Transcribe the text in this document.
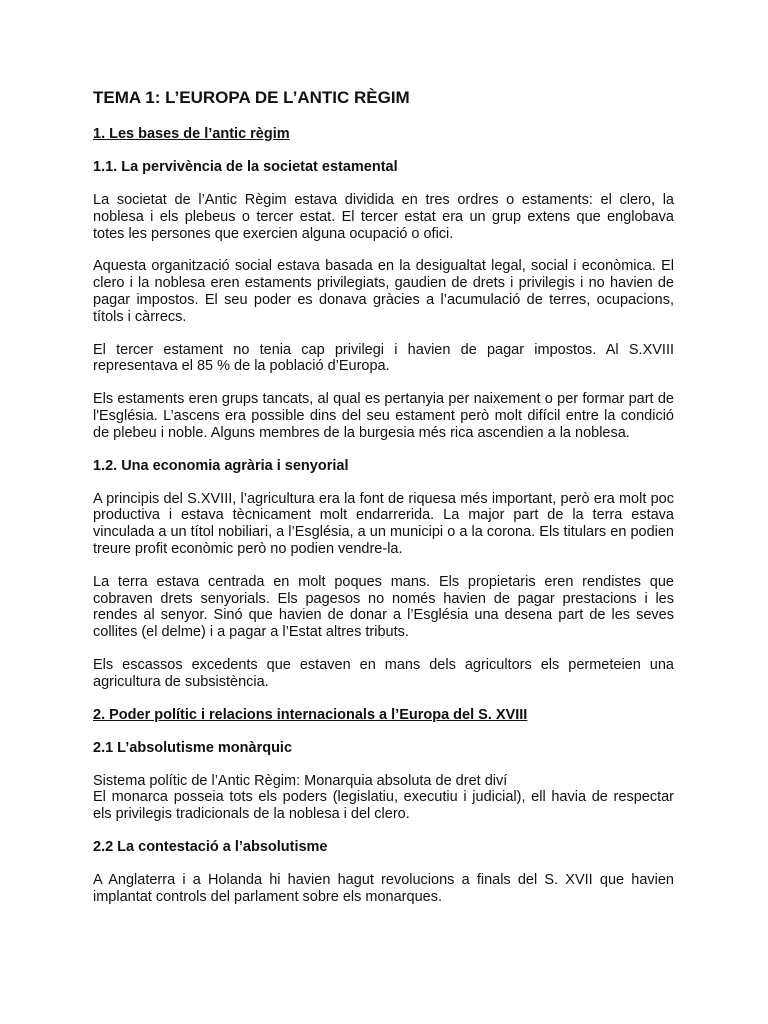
TEMA 1: L’EUROPA DE L’ANTIC RÈGIM
1. Les bases de l’antic règim
1.1. La pervivència de la societat estamental
La societat de l’Antic Règim estava dividida en tres ordres o estaments: el clero, la noblesa i els plebeus o tercer estat. El tercer estat era un grup extens que englobava totes les persones que exercien alguna ocupació o ofici.
Aquesta organització social estava basada en la desigualtat legal, social i econòmica. El clero i la noblesa eren estaments privilegiats, gaudien de drets i privilegis i no havien de pagar impostos. El seu poder es donava gràcies a l’acumulació de terres, ocupacions, títols i càrrecs.
El tercer estament no tenia cap privilegi i havien de pagar impostos. Al S.XVIII representava el 85 % de la població d’Europa.
Els estaments eren grups tancats, al qual es pertanyia per naixement o per formar part de l'Església. L’ascens era possible dins del seu estament però molt difícil entre la condició de plebeu i noble. Alguns membres de la burgesia més rica ascendien a la noblesa.
1.2. Una economia agrària i senyorial
A principis del S.XVIII, l’agricultura era la font de riquesa més important, però era molt poc productiva i estava tècnicament molt endarrerida. La major part de la terra estava vinculada a un títol nobiliari, a l’Església, a un municipi o a la corona. Els titulars en podien treure profit econòmic però no podien vendre-la.
La terra estava centrada en molt poques mans. Els propietaris eren rendistes que cobraven drets senyorials. Els pagesos no només havien de pagar prestacions i les rendes al senyor. Sinó que havien de donar a l’Església una desena part de les seves collites (el delme) i a pagar a l’Estat altres tributs.
Els escassos excedents que estaven en mans dels agricultors els permeteien una agricultura de subsistència.
2. Poder polític i relacions internacionals a l’Europa del S. XVIII
2.1 L’absolutisme monàrquic
Sistema polític de l’Antic Règim: Monarquia absoluta de dret diví
El monarca posseia tots els poders (legislatiu, executiu i judicial), ell havia de respectar els privilegis tradicionals de la noblesa i del clero.
2.2 La contestació a l’absolutisme
A Anglaterra i a Holanda hi havien hagut revolucions a finals del S. XVII que havien implantat controls del parlament sobre els monarques.
